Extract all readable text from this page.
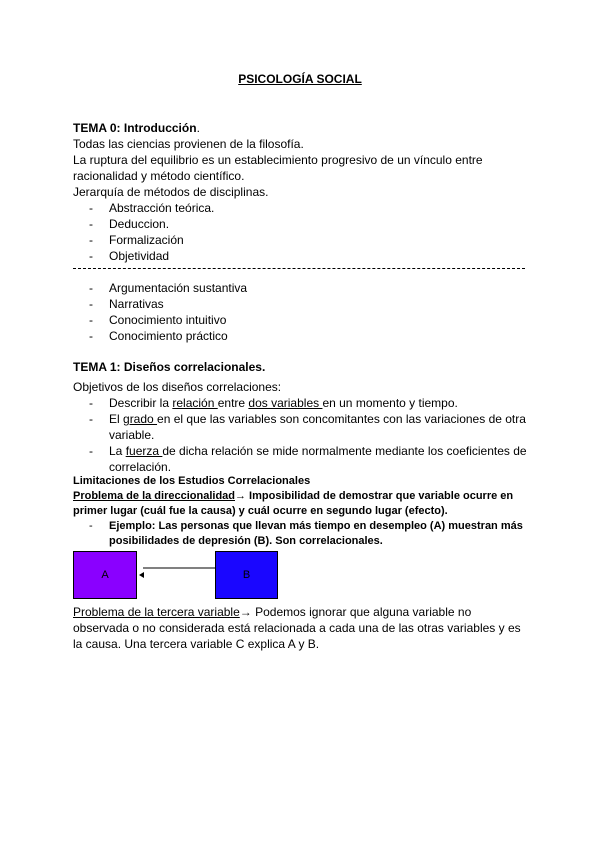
PSICOLOGÍA SOCIAL
TEMA 0: Introducción.
Todas las ciencias provienen de la filosofía.
La ruptura del equilibrio es un establecimiento progresivo de un vínculo entre
racionalidad y método científico.
Jerarquía de métodos de disciplinas.
- Abstracción teórica.
- Deduccion.
- Formalización
- Objetividad
- Argumentación sustantiva
- Narrativas
- Conocimiento intuitivo
- Conocimiento práctico
TEMA 1: Diseños correlacionales.
Objetivos de los diseños correlaciones:
- Describir la relación entre dos variables en un momento y tiempo.
- El grado en el que las variables son concomitantes con las variaciones de otra variable.
- La fuerza de dicha relación se mide normalmente mediante los coeficientes de correlación.
Limitaciones de los Estudios Correlacionales
Problema de la direccionalidad→ Imposibilidad de demostrar que variable ocurre en primer lugar (cuál fue la causa) y cuál ocurre en segundo lugar (efecto).
- Ejemplo: Las personas que llevan más tiempo en desempleo (A) muestran más posibilidades de depresión (B). Son correlacionales.
A	B
Problema de la tercera variable→ Podemos ignorar que alguna variable no observada o no considerada está relacionada a cada una de las otras variables y es la causa. Una tercera variable C explica A y B.
